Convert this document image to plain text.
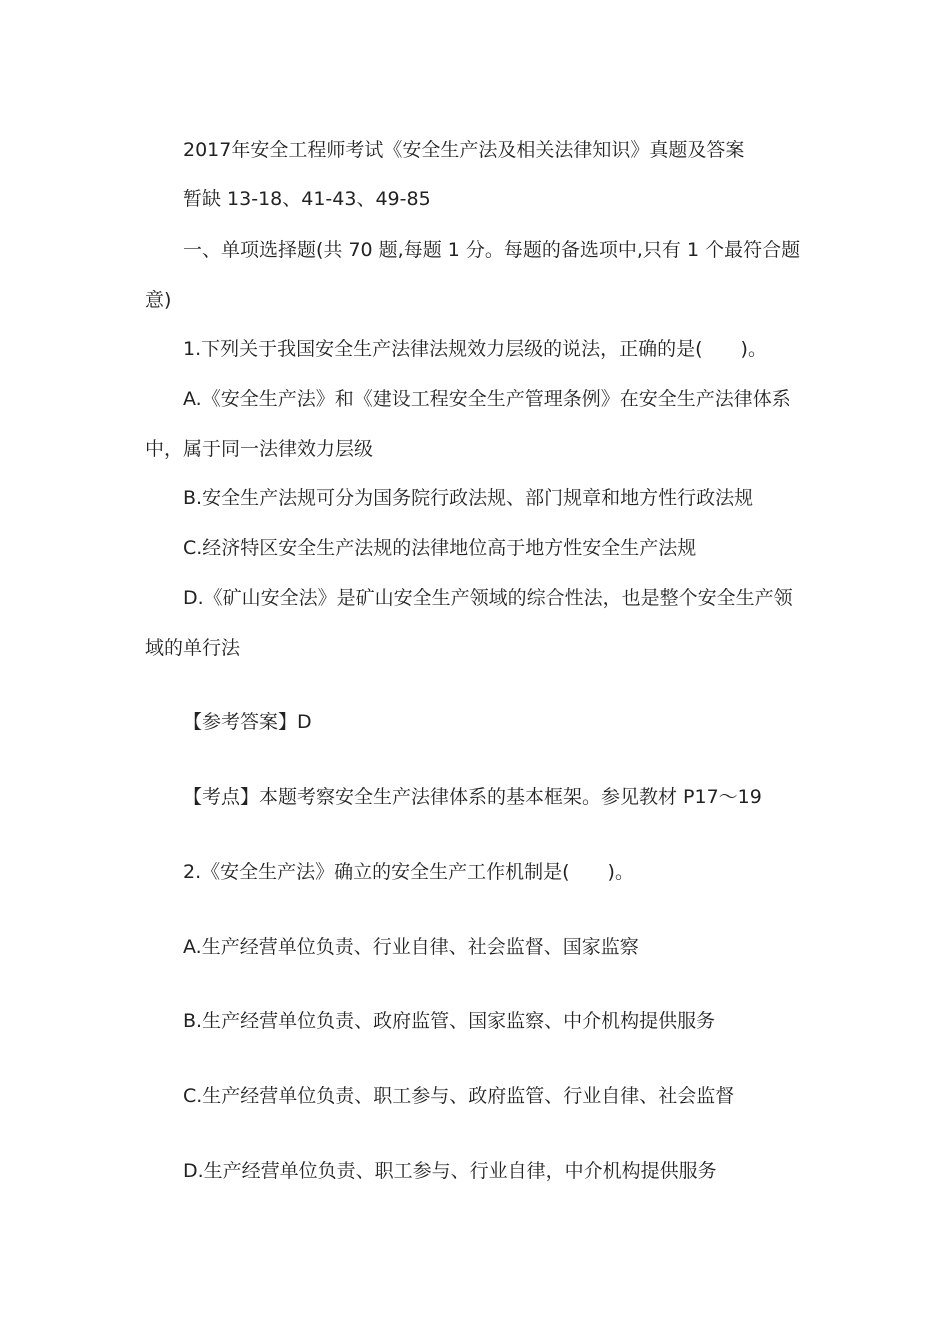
2017年安全工程师考试《安全生产法及相关法律知识》真题及答案
暂缺 13-18、41-43、49-85
一、单项选择题(共 70 题,每题 1 分。每题的备选项中,只有 1 个最符合题
意)
1.下列关于我国安全生产法律法规效力层级的说法，正确的是(　　)。
A.《安全生产法》和《建设工程安全生产管理条例》在安全生产法律体系
中，属于同一法律效力层级
B.安全生产法规可分为国务院行政法规、部门规章和地方性行政法规
C.经济特区安全生产法规的法律地位高于地方性安全生产法规
D.《矿山安全法》是矿山安全生产领域的综合性法，也是整个安全生产领
域的单行法
【参考答案】D
【考点】本题考察安全生产法律体系的基本框架。参见教材 P17～19
2.《安全生产法》确立的安全生产工作机制是(　　)。
A.生产经营单位负责、行业自律、社会监督、国家监察
B.生产经营单位负责、政府监管、国家监察、中介机构提供服务
C.生产经营单位负责、职工参与、政府监管、行业自律、社会监督
D.生产经营单位负责、职工参与、行业自律，中介机构提供服务
